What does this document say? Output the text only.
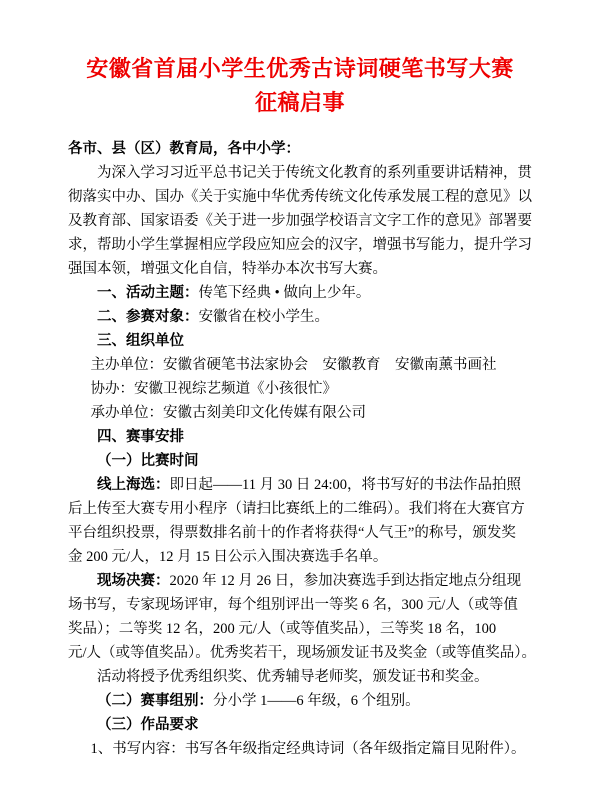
安徽省首届小学生优秀古诗词硬笔书写大赛
征稿启事
各市、县（区）教育局，各中小学：
为深入学习习近平总书记关于传统文化教育的系列重要讲话精神，贯
彻落实中办、国办《关于实施中华优秀传统文化传承发展工程的意见》以
及教育部、国家语委《关于进一步加强学校语言文字工作的意见》部署要
求，帮助小学生掌握相应学段应知应会的汉字，增强书写能力，提升学习
强国本领，增强文化自信，特举办本次书写大赛。
一、活动主题：传笔下经典 • 做向上少年。
二、参赛对象：安徽省在校小学生。
三、组织单位
主办单位：安徽省硬笔书法家协会　安徽教育　安徽南薰书画社
协办：安徽卫视综艺频道《小孩很忙》
承办单位：安徽古刻美印文化传媒有限公司
四、赛事安排
（一）比赛时间
线上海选：即日起——11 月 30 日 24:00，将书写好的书法作品拍照
后上传至大赛专用小程序（请扫比赛纸上的二维码）。我们将在大赛官方
平台组织投票，得票数排名前十的作者将获得“人气王”的称号，颁发奖
金 200 元/人，12 月 15 日公示入围决赛选手名单。
现场决赛：2020 年 12 月 26 日，参加决赛选手到达指定地点分组现
场书写，专家现场评审，每个组别评出一等奖 6 名，300 元/人（或等值
奖品）；二等奖 12 名，200 元/人（或等值奖品），三等奖 18 名，100
元/人（或等值奖品）。优秀奖若干，现场颁发证书及奖金（或等值奖品）。
活动将授予优秀组织奖、优秀辅导老师奖，颁发证书和奖金。
（二）赛事组别：分小学 1——6 年级，6 个组别。
（三）作品要求
1、书写内容：书写各年级指定经典诗词（各年级指定篇目见附件）。
